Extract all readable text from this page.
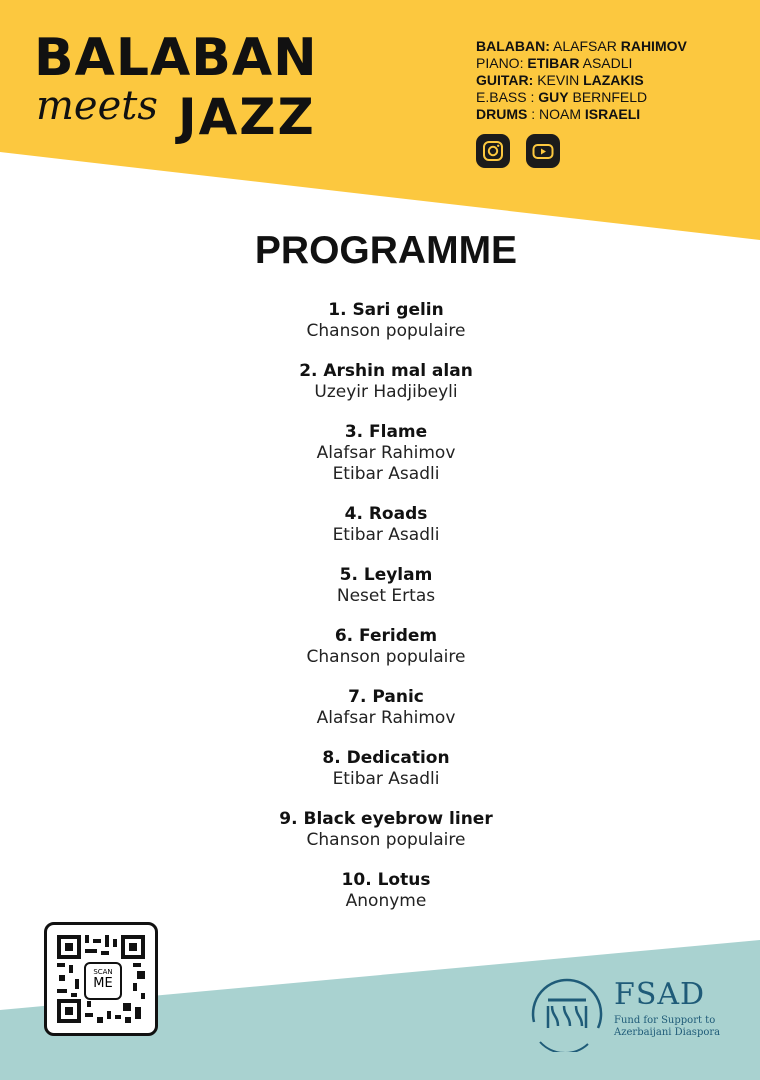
BALABAN
meets JAZZ
BALABAN: ALAFSAR RAHIMOV
PIANO: ETIBAR ASADLI
GUITAR: KEVIN LAZAKIS
E.BASS : GUY BERNFELD
DRUMS : NOAM ISRAELI
PROGRAMME
1. Sari gelin
Chanson populaire
2. Arshin mal alan
Uzeyir Hadjibeyli
3. Flame
Alafsar Rahimov
Etibar Asadli
4. Roads
Etibar Asadli
5. Leylam
Neset Ertas
6. Feridem
Chanson populaire
7. Panic
Alafsar Rahimov
8. Dedication
Etibar Asadli
9. Black eyebrow liner
Chanson populaire
10. Lotus
Anonyme
SCAN
ME	FSAD
Fund for Support to
Azerbaijani Diaspora
